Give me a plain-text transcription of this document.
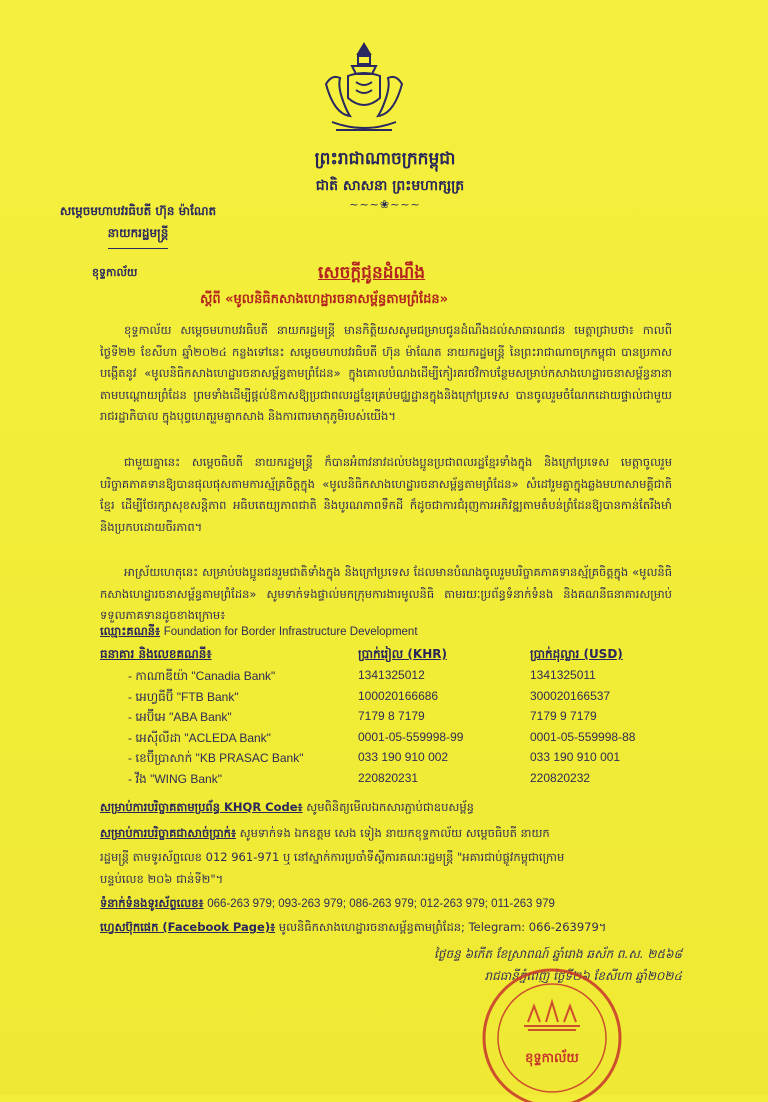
ព្រះរាជាណាចក្រកម្ពុជា
ជាតិ សាសនា ព្រះមហាក្សត្រ
~~~❀~~~
សម្ដេចមហាបវរធិបតី ហ៊ុន ម៉ាណែត
នាយករដ្ឋមន្ត្រី
ខុទ្ទកាល័យ	សេចក្ដីជូនដំណឹង
ស្ដីពី «មូលនិធិកសាងហេដ្ឋារចនាសម្ព័ន្ធតាមព្រំដែន»
ខុទ្ទកាល័យ សម្ដេចមហាបវរធិបតី នាយករដ្ឋមន្ត្រី មានកិត្តិយសសូមជម្រាបជូនដំណឹងដល់សាធារណជន មេត្តាជ្រាបថា៖ កាលពីថ្ងៃទី២២ ខែសីហា ឆ្នាំ២០២៤ កន្លងទៅនេះ សម្ដេចមហាបវរធិបតី ហ៊ុន ម៉ាណែត នាយករដ្ឋមន្ត្រី នៃព្រះរាជាណាចក្រកម្ពុជា បានប្រកាសបង្កើតនូវ «មូលនិធិកសាងហេដ្ឋារចនាសម្ព័ន្ធតាមព្រំដែន» ក្នុងគោលបំណងដើម្បីកៀរគរថវិកាបន្ថែមសម្រាប់កសាងហេដ្ឋារចនាសម្ព័ន្ធនានាតាមបណ្ដោយព្រំដែន ព្រមទាំងដើម្បីផ្ដល់ឱកាសឱ្យប្រជាពលរដ្ឋខ្មែរគ្រប់មជ្ឈដ្ឋានក្នុងនិងក្រៅប្រទេស បានចូលរួមចំណែកដោយផ្ទាល់ជាមួយរាជរដ្ឋាភិបាល ក្នុងបុព្វហេតុរួមគ្នាកសាង និងការពារមាតុភូមិរបស់យើង។
ជាមួយគ្នានេះ សម្ដេចធិបតី នាយករដ្ឋមន្ត្រី ក៏បានអំពាវនាវដល់បងប្អូនប្រជាពលរដ្ឋខ្មែរទាំងក្នុង និងក្រៅប្រទេស មេត្តាចូលរួមបរិច្ចាគភាគទានឱ្យបានផុលផុសតាមការស្ម័គ្រចិត្តក្នុង «មូលនិធិកសាងហេដ្ឋារចនាសម្ព័ន្ធតាមព្រំដែន» សំដៅរួមគ្នាក្នុងឆ្លងមហាសាមគ្គីជាតិខ្មែរ ដើម្បីថែរក្សាសុខសន្តិភាព អធិបតេយ្យភាពជាតិ និងបូរណភាពទឹកដី ក៏ដូចជាការជំរុញការអភិវឌ្ឍតាមតំបន់ព្រំដែនឱ្យបានកាន់តែរឹងមាំ និងប្រកបដោយចីរភាព។
អាស្រ័យហេតុនេះ សម្រាប់បងប្អូនជនរួមជាតិទាំងក្នុង និងក្រៅប្រទេស ដែលមានបំណងចូលរួមបរិច្ចាគភាគទានស្ម័គ្រចិត្តក្នុង «មូលនិធិកសាងហេដ្ឋារចនាសម្ព័ន្ធតាមព្រំដែន» សូមទាក់ទងផ្ទាល់មកក្រុមការងារមូលនិធិ តាមរយៈប្រព័ន្ធទំនាក់ទំនង និងគណនីធនាគារសម្រាប់ទទួលភាគទានដូចខាងក្រោម៖
ឈ្មោះគណនី៖ Foundation for Border Infrastructure Development
ធនាគារ និងលេខគណនី៖	ប្រាក់រៀល (KHR)	ប្រាក់ដុល្លារ (USD)
- កាណាឌីយ៉ា "Canadia Bank"	1341325012	1341325011
- អេហ្វធីប៊ី "FTB Bank"	100020166686	300020166537
- អេប៊ីអេ "ABA Bank"	7179 8 7179	7179 9 7179
- អេស៊ីលីដា "ACLEDA Bank"	0001-05-559998-99	0001-05-559998-88
- ខេប៊ីប្រាសាក់ "KB PRASAC Bank"	033 190 910 002	033 190 910 001
- វីង "WING Bank"	220820231	220820232
សម្រាប់ការបរិច្ចាគតាមប្រព័ន្ធ KHQR Code៖ សូមពិនិត្យមើលឯកសារភ្ជាប់ជាឧបសម្ព័ន្ធ
សម្រាប់ការបរិច្ចាគជាសាច់ប្រាក់៖ សូមទាក់ទង ឯកឧត្ដម សេង ទៀង នាយកខុទ្ទកាល័យ សម្ដេចធិបតី នាយក
រដ្ឋមន្ត្រី តាមទូរស័ព្ទលេខ 012 961-971 ឬ នៅស្នាក់ការប្រចាំទីស្ដីការគណៈរដ្ឋមន្ត្រី "អគារជាប់ផ្លូវកម្ពុជាក្រោម
បន្ទប់លេខ ២០៦ ជាន់ទី២"។
ទំនាក់ទំនងទូរស័ព្ទលេខ៖ 066-263 979; 093-263 979; 086-263 979; 012-263 979; 011-263 979
ហ្វេសប៊ុកផេក (Facebook Page)៖ មូលនិធិកសាងហេដ្ឋារចនាសម្ព័ន្ធតាមព្រំដែន; Telegram: 066-263979។
ថ្ងៃចន្ទ ៦កើត ខែស្រាពណ៍ ឆ្នាំរោង ឆស័ក ព.ស. ២៥៦៨
រាជធានីភ្នំពេញ ថ្ងៃទី២៦ ខែសីហា ឆ្នាំ២០២៤
ខុទ្ទកាល័យ
